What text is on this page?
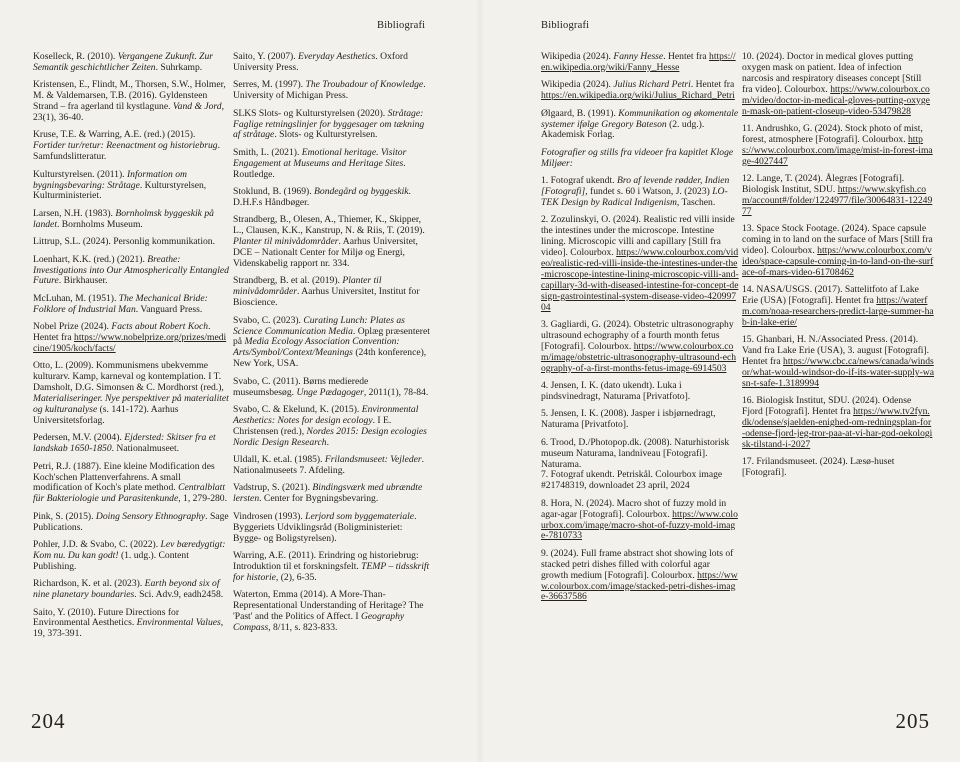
Bibliografi	Bibliografi

Koselleck, R. (2010). Vergangene Zukunft. Zur Semantik geschichtlicher Zeiten. Suhrkamp.

Kristensen, E., Flindt, M., Thorsen, S.W., Holmer, M. & Valdemarsen, T.B. (2016). Gyldensteen Strand – fra agerland til kystlagune. Vand & Jord, 23(1), 36-40.

Kruse, T.E. & Warring, A.E. (red.) (2015). Fortider tur/retur: Reenactment og historiebrug. Samfundslitteratur.

Kulturstyrelsen. (2011). Information om bygningsbevaring: Stråtage. Kulturstyrelsen, Kulturministeriet.

Larsen, N.H. (1983). Bornholmsk byggeskik på landet. Bornholms Museum.

Littrup, S.L. (2024). Personlig kommunikation.

Loenhart, K.K. (red.) (2021). Breathe: Investigations into Our Atmospherically Entangled Future. Birkhauser.

McLuhan, M. (1951). The Mechanical Bride: Folklore of Industrial Man. Vanguard Press.

Nobel Prize (2024). Facts about Robert Koch. Hentet fra https://www.nobelprize.org/prizes/medicine/1905/koch/facts/

Otto, L. (2009). Kommunismens ubekvemme kulturarv. Kamp, karneval og kontemplation. I T. Damsholt, D.G. Simonsen & C. Mordhorst (red.), Materialiseringer. Nye perspektiver på materialitet og kulturanalyse (s. 141-172). Aarhus Universitetsforlag.

Pedersen, M.V. (2004). Ejdersted: Skitser fra et landskab 1650-1850. Nationalmuseet.

Petri, R.J. (1887). Eine kleine Modification des Koch'schen Plattenverfahrens. A small modification of Koch's plate method. Centralblatt für Bakteriologie und Parasitenkunde, 1, 279-280.

Pink, S. (2015). Doing Sensory Ethnography. Sage Publications.

Pohler, J.D. & Svabo, C. (2022). Lev bæredygtigt: Kom nu. Du kan godt! (1. udg.). Content Publishing.

Richardson, K. et al. (2023). Earth beyond six of nine planetary boundaries. Sci. Adv.9, eadh2458.

Saito, Y. (2010). Future Directions for Environmental Aesthetics. Environmental Values, 19, 373-391.

Saito, Y. (2007). Everyday Aesthetics. Oxford University Press.

Serres, M. (1997). The Troubadour of Knowledge. University of Michigan Press.

SLKS Slots- og Kulturstyrelsen (2020). Stråtage: Faglige retningslinjer for byggesager om tækning af stråtage. Slots- og Kulturstyrelsen.

Smith, L. (2021). Emotional heritage. Visitor Engagement at Museums and Heritage Sites. Routledge.

Stoklund, B. (1969). Bondegård og byggeskik. D.H.F.s Håndbøger.

Strandberg, B., Olesen, A., Thiemer, K., Skipper, L., Clausen, K.K., Kanstrup, N. & Riis, T. (2019). Planter til minivådområder. Aarhus Universitet, DCE – Nationalt Center for Miljø og Energi, Videnskabelig rapport nr. 334.

Strandberg, B. et al. (2019). Planter til minivådområder. Aarhus Universitet, Institut for Bioscience.

Svabo, C. (2023). Curating Lunch: Plates as Science Communication Media. Oplæg præsenteret på Media Ecology Association Convention: Arts/Symbol/Context/Meanings (24th konference), New York, USA.

Svabo, C. (2011). Børns medierede museumsbesøg. Unge Pædagoger, 2011(1), 78-84.

Svabo, C. & Ekelund, K. (2015). Environmental Aesthetics: Notes for design ecology. I E. Christensen (red.), Nordes 2015: Design ecologies Nordic Design Research.

Uldall, K. et.al. (1985). Frilandsmuseet: Vejleder. Nationalmuseets 7. Afdeling.

Vadstrup, S. (2021). Bindingsværk med ubrændte lersten. Center for Bygningsbevaring.

Vindrosen (1993). Lerjord som byggemateriale. Byggeriets Udviklingsråd (Boligministeriet: Bygge- og Boligstyrelsen).

Warring, A.E. (2011). Erindring og historiebrug: Introduktion til et forskningsfelt. TEMP – tidsskrift for historie, (2), 6-35.

Waterton, Emma (2014). A More-Than-Representational Understanding of Heritage? The 'Past' and the Politics of Affect. I Geography Compass, 8/11, s. 823-833.

Wikipedia (2024). Fanny Hesse. Hentet fra https://en.wikipedia.org/wiki/Fanny_Hesse

Wikipedia (2024). Julius Richard Petri. Hentet fra https://en.wikipedia.org/wiki/Julius_Richard_Petri

Ølgaard, B. (1991). Kommunikation og økomentale systemer ifølge Gregory Bateson (2. udg.). Akademisk Forlag.

Fotografier og stills fra videoer fra kapitlet Kloge Miljøer:

1. Fotograf ukendt. Bro af levende rødder, Indien [Fotografi], fundet s. 60 i Watson, J. (2023) LO-TEK Design by Radical Indigenism, Taschen.

2. Zozulinskyi, O. (2024). Realistic red villi inside the intestines under the microscope. Intestine lining. Microscopic villi and capillary [Still fra video]. Colourbox. https://www.colourbox.com/video/realistic-red-villi-inside-the-intestines-under-the-microscope-intestine-lining-microscopic-villi-and-capillary-3d-with-diseased-intestine-for-concept-design-gastrointestinal-system-disease-video-42099704

3. Gagliardi, G. (2024). Obstetric ultrasonography ultrasound echography of a fourth month fetus [Fotografi]. Colourbox. https://www.colourbox.com/image/obstetric-ultrasonography-ultrasound-echography-of-a-first-months-fetus-image-6914503

4. Jensen, I. K. (dato ukendt). Luka i pindsvinedragt, Naturama [Privatfoto].

5. Jensen, I. K. (2008). Jasper i isbjørnedragt, Naturama [Privatfoto].

6. Trood, D./Photopop.dk. (2008). Naturhistorisk museum Naturama, landniveau [Fotografi]. Naturama.

7. Fotograf ukendt. Petriskål. Colourbox image #21748319, downloadet 23 april, 2024

8. Hora, N. (2024). Macro shot of fuzzy mold in agar-agar [Fotografi]. Colourbox. https://www.colourbox.com/image/macro-shot-of-fuzzy-mold-image-7810733

9. (2024). Full frame abstract shot showing lots of stacked petri dishes filled with colorful agar growth medium [Fotografi]. Colourbox. https://www.colourbox.com/image/stacked-petri-dishes-image-36637586

10. (2024). Doctor in medical gloves putting oxygen mask on patient. Idea of infection narcosis and respiratory diseases concept [Still fra video]. Colourbox. https://www.colourbox.com/video/doctor-in-medical-gloves-putting-oxygen-mask-on-patient-closeup-video-53479828

11. Andrushko, G. (2024). Stock photo of mist, forest, atmosphere [Fotografi]. Colourbox. https://www.colourbox.com/image/mist-in-forest-image-4027447

12. Lange, T. (2024). Ålegræs [Fotografi]. Biologisk Institut, SDU. https://www.skyfish.com/account#/folder/1224977/file/30064831-1224977

13. Space Stock Footage. (2024). Space capsule coming in to land on the surface of Mars [Still fra video]. Colourbox. https://www.colourbox.com/video/space-capsule-coming-in-to-land-on-the-surface-of-mars-video-61708462

14. NASA/USGS. (2017). Sattelitfoto af Lake Erie (USA) [Fotografi]. Hentet fra https://waterfm.com/noaa-researchers-predict-large-summer-hab-in-lake-erie/

15. Ghanbari, H. N./Associated Press. (2014). Vand fra Lake Erie (USA), 3. august [Fotografi]. Hentet fra https://www.cbc.ca/news/canada/windsor/what-would-windsor-do-if-its-water-supply-wasn-t-safe-1.3189994

16. Biologisk Institut, SDU. (2024). Odense Fjord [Fotografi]. Hentet fra https://www.tv2fyn.dk/odense/sjaelden-enighed-om-redningsplan-for-odense-fjord-jeg-tror-paa-at-vi-har-god-oekologisk-tilstand-i-2027

17. Frilandsmuseet. (2024). Læsø-huset [Fotografi].

204	205
